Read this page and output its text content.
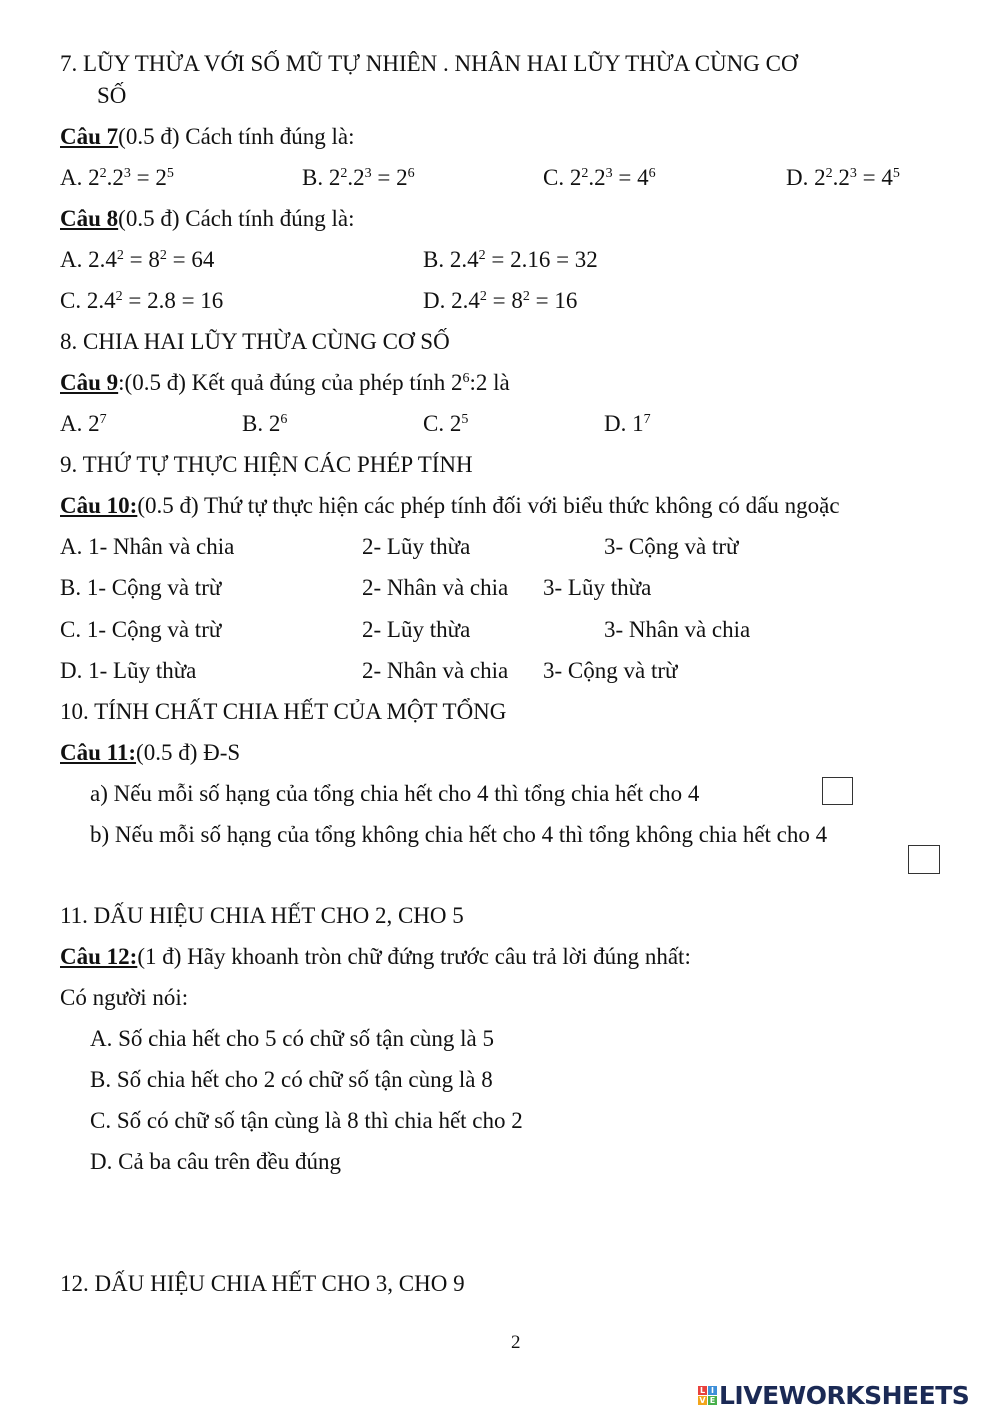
7. LŨY THỪA VỚI SỐ MŨ TỰ NHIÊN . NHÂN HAI LŨY THỪA CÙNG CƠ
SỐ
Câu 7(0.5 đ) Cách tính đúng là:
A. $2^2.2^3 = 2^5$	B. $2^2.2^3 = 2^6$	C. $2^2.2^3 = 4^6$	D. $2^2.2^3 = 4^5$
Câu 8(0.5 đ) Cách tính đúng là:
A. $2.4^2 = 8^2 = 64$	B. $2.4^2 = 2.16 = 32$
C. $2.4^2 = 2.8 = 16$	D. $2.4^2 = 8^2 = 16$
8. CHIA HAI LŨY THỪA CÙNG CƠ SỐ
Câu 9:(0.5 đ) Kết quả đúng của phép tính $2^6:2$ là
A. $2^7$	B. $2^6$	C. $2^5$	D. $1^7$
9. THỨ TỰ THỰC HIỆN CÁC PHÉP TÍNH
Câu 10:(0.5 đ) Thứ tự thực hiện các phép tính đối với biểu thức không có dấu ngoặc
A. 1- Nhân và chia	2- Lũy thừa	3- Cộng và trừ
B. 1- Cộng và trừ	2- Nhân và chia 3- Lũy thừa
C. 1- Cộng và trừ	2- Lũy thừa	3- Nhân và chia
D. 1- Lũy thừa	2- Nhân và chia 3- Cộng và trừ
10. TÍNH CHẤT CHIA HẾT CỦA MỘT TỔNG
Câu 11:(0.5 đ) Đ-S
a) Nếu mỗi số hạng của tổng chia hết cho 4 thì tổng chia hết cho 4
b) Nếu mỗi số hạng của tổng không chia hết cho 4 thì tổng không chia hết cho 4
11. DẤU HIỆU CHIA HẾT CHO 2, CHO 5
Câu 12:(1 đ) Hãy khoanh tròn chữ đứng trước câu trả lời đúng nhất:
Có người nói:
A. Số chia hết cho 5 có chữ số tận cùng là 5
B. Số chia hết cho 2 có chữ số tận cùng là 8
C. Số có chữ số tận cùng là 8 thì chia hết cho 2
D. Cả ba câu trên đều đúng
12. DẤU HIỆU CHIA HẾT CHO 3, CHO 9
2
L I
V E LIVEWORKSHEETS
